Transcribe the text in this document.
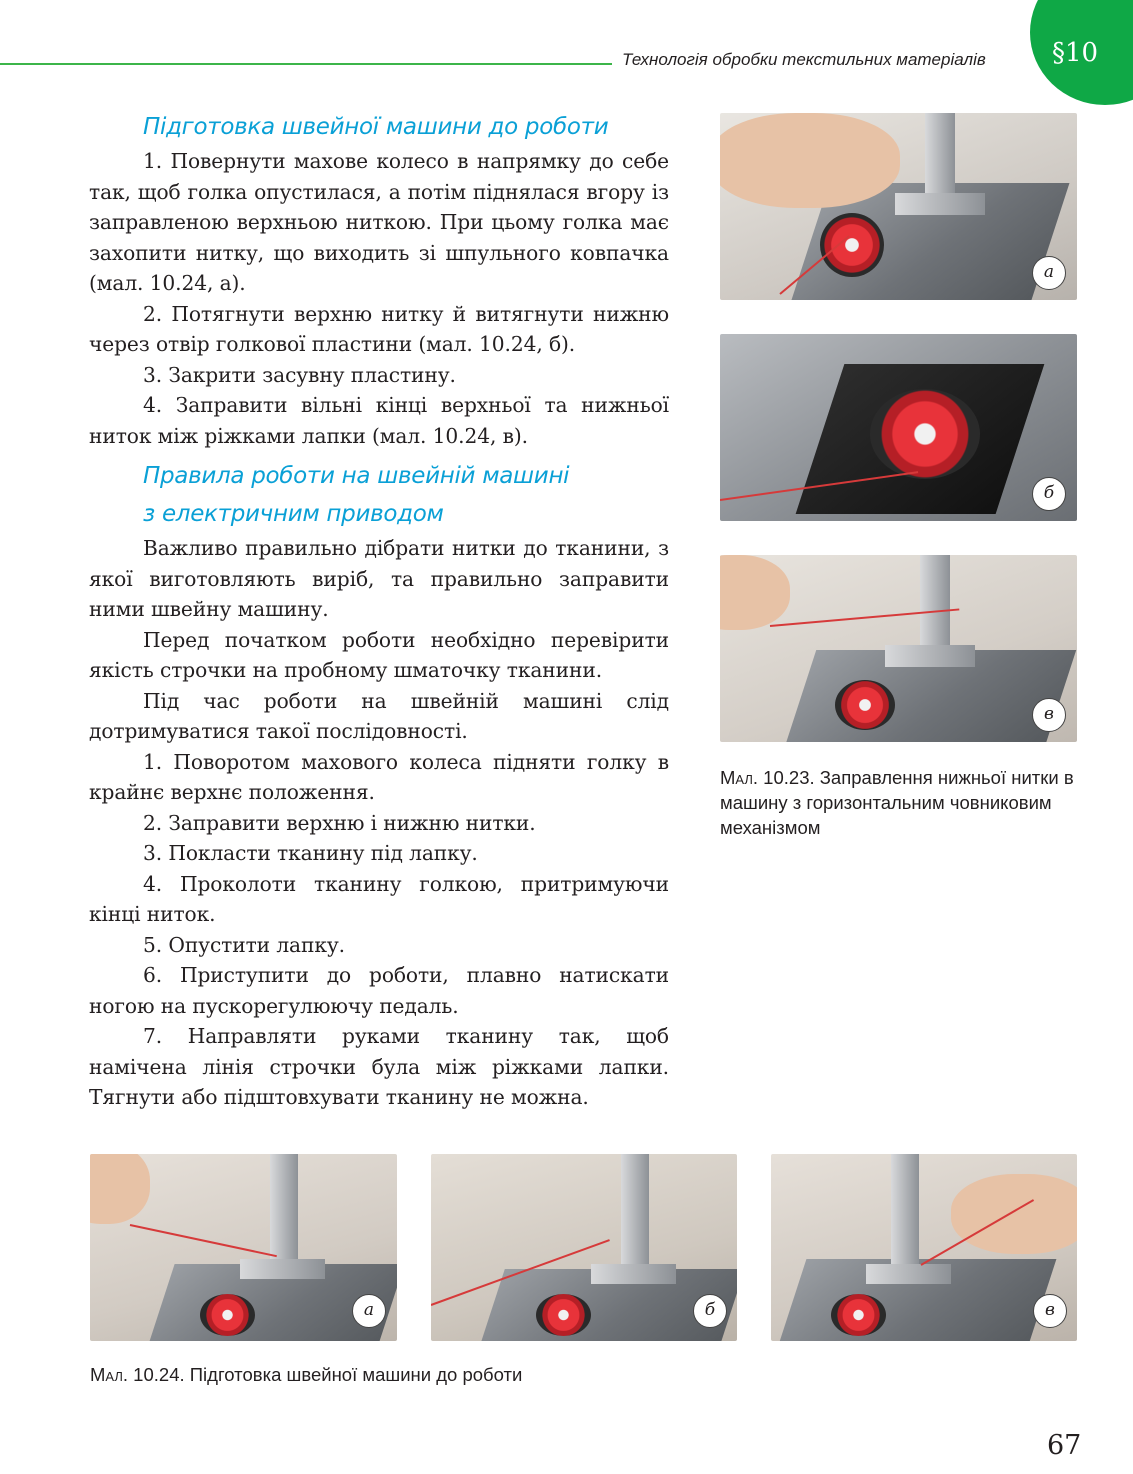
Технологія обробки текстильних матеріалів	§10
Підготовка швейної машини до роботи

1. Повернути махове колесо в напрямку до себе так, щоб голка опустилася, а потім піднялася вгору із заправленою верхньою ниткою. При цьому голка має захопити нитку, що виходить зі шпульного ковпачка (мал. 10.24, а).

2. Потягнути верхню нитку й витягнути нижню через отвір голкової пластини (мал. 10.24, б).

3. Закрити засувну пластину.

4. Заправити вільні кінці верхньої та нижньої ниток між ріжками лапки (мал. 10.24, в).

Правила роботи на швейній машині
з електричним приводом

Важливо правильно дібрати нитки до тканини, з якої виготовляють виріб, та правильно заправити ними швейну машину.

Перед початком роботи необхідно перевірити якість строчки на пробному шматочку тканини.

Під час роботи на швейній машині слід дотримуватися такої послідовності.

1. Поворотом махового колеса підняти голку в крайнє верхнє положення.

2. Заправити верхню і нижню нитки.

3. Покласти тканину під лапку.

4. Проколоти тканину голкою, притримуючи кінці ниток.

5. Опустити лапку.

6. Приступити до роботи, плавно натискати ногою на пускорегулюючу педаль.

7. Направляти руками тканину так, щоб намічена лінія строчки була між ріжками лапки. Тягнути або підштовхувати тканину не можна.

а
б
в
Мал. 10.23. Заправлення нижньої нитки в машину з горизонтальним човниковим механізмом
а	б	в
Мал. 10.24. Підготовка швейної машини до роботи
67
